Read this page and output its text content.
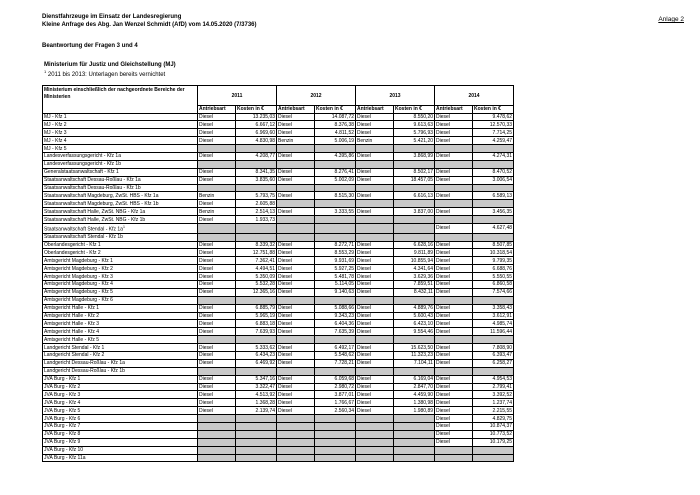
Dienstfahrzeuge im Einsatz der Landesregierung
Kleine Anfrage des Abg. Jan Wenzel Schmidt (AfD) vom 14.05.2020 (7/3736)
Anlage 2
Beantwortung der Fragen 3 und 4
Ministerium für Justiz und Gleichstellung (MJ)
$^1$ 2011 bis 2013: Unterlagen bereits vernichtet
Ministerium einschließlich der nachgeordnete Bereiche der Ministerien	2011		2012		2013		2014	
	Antriebsart	Kosten in €	Antriebsart	Kosten in €	Antriebsart	Kosten in €	Antriebsart	Kosten in €
MJ - Kfz 1	Diesel	13.235,03	Diesel	14.087,72	Diesel	8.550,20	Diesel	9.478,62
MJ - Kfz 2	Diesel	6.667,12	Diesel	8.376,38	Diesel	9.613,63	Diesel	12.570,33
MJ - Kfz 3	Diesel	6.969,60	Diesel	4.811,52	Diesel	5.796,93	Diesel	7.714,25
MJ - Kfz 4	Diesel	4.830,98	Benzin	5.006,19	Benzin	5.421,20	Diesel	4.259,47
MJ - Kfz 5								
Landesverfassungsgericht - Kfz 1a	Diesel	4.208,77	Diesel	4.395,86	Diesel	3.868,99	Diesel	4.274,31
Landesverfassungsgericht - Kfz 1b								
Generalstaatsanwaltschaft - Kfz 1	Diesel	8.341,35	Diesel	8.276,41	Diesel	8.502,17	Diesel	8.470,52
Staatsanwaltschaft Dessau-Roßlau - Kfz 1a	Diesel	3.835,60	Diesel	5.002,09	Diesel	18.457,05	Diesel	3.006,54
Staatsanwaltschaft Dessau-Roßlau - Kfz 1b								
Staatsanwaltschaft Magdeburg, ZwSt. HBS - Kfz 1a	Benzin	5.793,75	Diesel	8.515,30	Diesel	6.616,13	Diesel	6.589,13
Staatsanwaltschaft Magdeburg, ZwSt. HBS - Kfz 1b	Diesel	2.605,88						
Staatsanwaltschaft Halle, ZwSt. NBG - Kfz 1a	Benzin	2.514,13	Diesel	3.333,55	Diesel	3.837,00	Diesel	3.456,35
Staatsanwaltschaft Halle, ZwSt. NBG - Kfz 1b	Diesel	1.933,73						
Staatsanwaltschaft Stendal - Kfz $1a^1$							Diesel	4.627,48
Staatsanwaltschaft Stendal - Kfz 1b								
Oberlandesgericht - Kfz 1	Diesel	8.339,32	Diesel	8.272,71	Diesel	6.628,16	Diesel	8.507,85
Oberlandesgericht - Kfz 2	Diesel	12.751,88	Diesel	8.553,29	Diesel	9.811,89	Diesel	10.318,54
Amtsgericht Magdeburg - Kfz 1	Diesel	7.362,41	Diesel	9.931,69	Diesel	10.855,94	Diesel	9.799,35
Amtsgericht Magdeburg - Kfz 2	Diesel	4.494,51	Diesel	5.927,25	Diesel	4.341,64	Diesel	6.688,76
Amtsgericht Magdeburg - Kfz 3	Diesel	5.350,09	Diesel	5.481,78	Diesel	3.629,36	Diesel	5.550,55
Amtsgericht Magdeburg - Kfz 4	Diesel	5.532,28	Diesel	5.114,05	Diesel	7.859,51	Diesel	6.860,58
Amtsgericht Magdeburg - Kfz 5	Diesel	12.365,16	Diesel	9.140,63	Diesel	8.432,11	Diesel	7.574,66
Amtsgericht Magdeburg - Kfz 6								
Amtsgericht Halle - Kfz 1	Diesel	6.885,79	Diesel	5.088,66	Diesel	4.889,76	Diesel	3.358,43
Amtsgericht Halle - Kfz 2	Diesel	5.965,19	Diesel	9.343,23	Diesel	5.600,43	Diesel	3.612,91
Amtsgericht Halle - Kfz 3	Diesel	6.883,18	Diesel	6.404,36	Diesel	6.423,10	Diesel	4.985,74
Amtsgericht Halle - Kfz 4	Diesel	7.639,93	Diesel	7.635,39	Diesel	9.554,46	Diesel	11.596,44
Amtsgericht Halle - Kfz 5								
Landgericht Stendal - Kfz 1	Diesel	5.333,62	Diesel	6.492,17	Diesel	15.623,50	Diesel	7.808,90
Landgericht Stendal - Kfz 2	Diesel	6.434,23	Diesel	5.548,62	Diesel	11.323,23	Diesel	6.393,47
Landgericht Dessau-Roßlau - Kfz 1a	Diesel	6.469,92	Diesel	7.728,21	Diesel	7.104,11	Diesel	6.258,27
Landgericht Dessau-Roßlau - Kfz 1b								
JVA Burg - Kfz 1	Diesel	5.347,16	Diesel	6.059,68	Diesel	6.169,04	Diesel	4.954,53
JVA Burg - Kfz 2	Diesel	3.322,47	Diesel	2.980,72	Diesel	2.847,70	Diesel	2.799,41
JVA Burg - Kfz 3	Diesel	4.513,92	Diesel	3.877,01	Diesel	4.459,90	Diesel	3.392,52
JVA Burg - Kfz 4	Diesel	1.368,28	Diesel	1.766,67	Diesel	1.380,98	Diesel	1.237,74
JVA Burg - Kfz 5	Diesel	2.139,74	Diesel	2.560,34	Diesel	1.980,89	Diesel	2.215,55
JVA Burg - Kfz 6							Diesel	4.829,75
JVA Burg - Kfz 7							Diesel	10.874,37
JVA Burg - Kfz 8							Diesel	10.773,52
JVA Burg - Kfz 9							Diesel	10.179,25
JVA Burg - Kfz 10								
JVA Burg - Kfz 11a								
